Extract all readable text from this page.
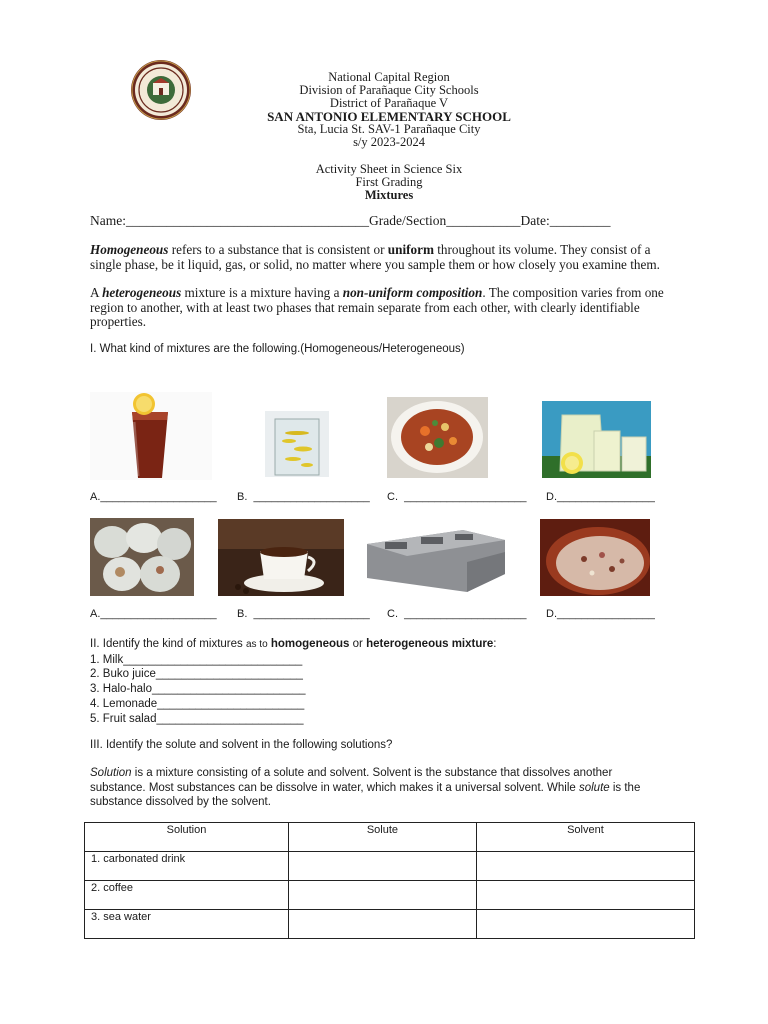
National Capital Region
Division of Parañaque City Schools
District of Parañaque V
SAN ANTONIO ELEMENTARY SCHOOL
Sta, Lucia St. SAV-1 Parañaque City
s/y 2023-2024
Activity Sheet in Science Six
First Grading
Mixtures
Name:____________________________________Grade/Section___________Date:_________
Homogeneous refers to a substance that is consistent or uniform throughout its volume. They consist of a single phase, be it liquid, gas, or solid, no matter where you sample them or how closely you examine them.
A heterogeneous mixture is a mixture having a non-uniform composition. The composition varies from one region to another, with at least two phases that remain separate from each other, with clearly identifiable properties.
I. What kind of mixtures are the following.(Homogeneous/Heterogeneous)
A.___________________ B.  ___________________ C.  ____________________ D.________________
A.___________________ B.  ___________________ C.  ____________________ D.________________
II. Identify the kind of mixtures as to homogeneous or heterogeneous mixture:
1. Milk____________________________
2. Buko juice_______________________
3. Halo-halo________________________
4. Lemonade_______________________
5. Fruit salad_______________________
III. Identify the solute and solvent in the following solutions?
Solution is a mixture consisting of a solute and solvent. Solvent is the substance that dissolves another substance. Most substances can be dissolve in water, which makes it a universal solvent. While solute is the substance dissolved by the solvent.
Solution	Solute	Solvent
1. carbonated drink		
2. coffee		
3. sea water		
